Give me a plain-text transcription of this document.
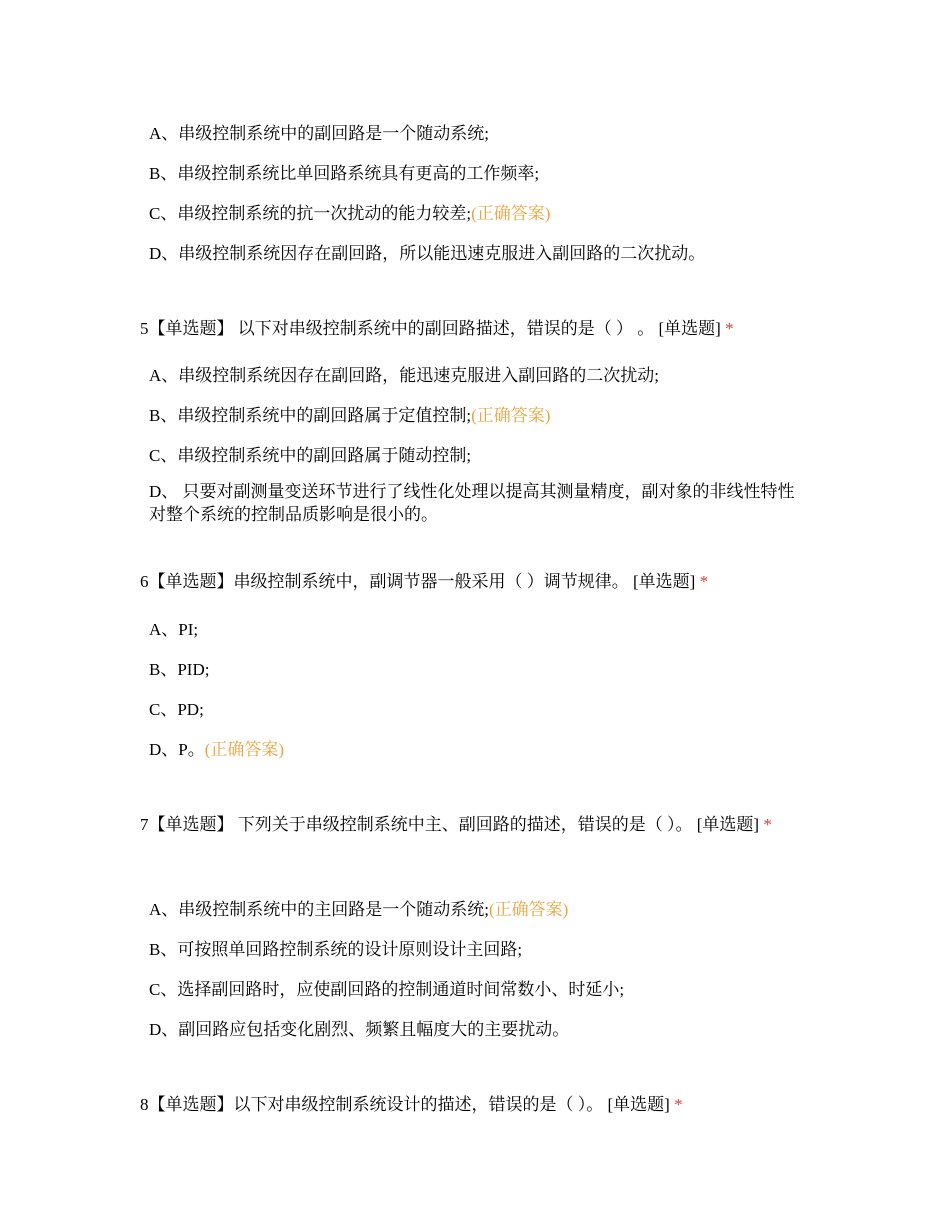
A、串级控制系统中的副回路是一个随动系统;
B、串级控制系统比单回路系统具有更高的工作频率;
C、串级控制系统的抗一次扰动的能力较差;(正确答案)
D、串级控制系统因存在副回路，所以能迅速克服进入副回路的二次扰动。
5【单选题】 以下对串级控制系统中的副回路描述，错误的是（ ） 。 [单选题] *
A、串级控制系统因存在副回路，能迅速克服进入副回路的二次扰动;
B、串级控制系统中的副回路属于定值控制;(正确答案)
C、串级控制系统中的副回路属于随动控制;
D、 只要对副测量变送环节进行了线性化处理以提高其测量精度，副对象的非线性特性对整个系统的控制品质影响是很小的。
6【单选题】串级控制系统中，副调节器一般采用（ ）调节规律。 [单选题] *
A、PI;
B、PID;
C、PD;
D、P。(正确答案)
7【单选题】 下列关于串级控制系统中主、副回路的描述，错误的是（ ）。 [单选题] *
A、串级控制系统中的主回路是一个随动系统;(正确答案)
B、可按照单回路控制系统的设计原则设计主回路;
C、选择副回路时，应使副回路的控制通道时间常数小、时延小;
D、副回路应包括变化剧烈、频繁且幅度大的主要扰动。
8【单选题】以下对串级控制系统设计的描述，错误的是（ ）。 [单选题] *
